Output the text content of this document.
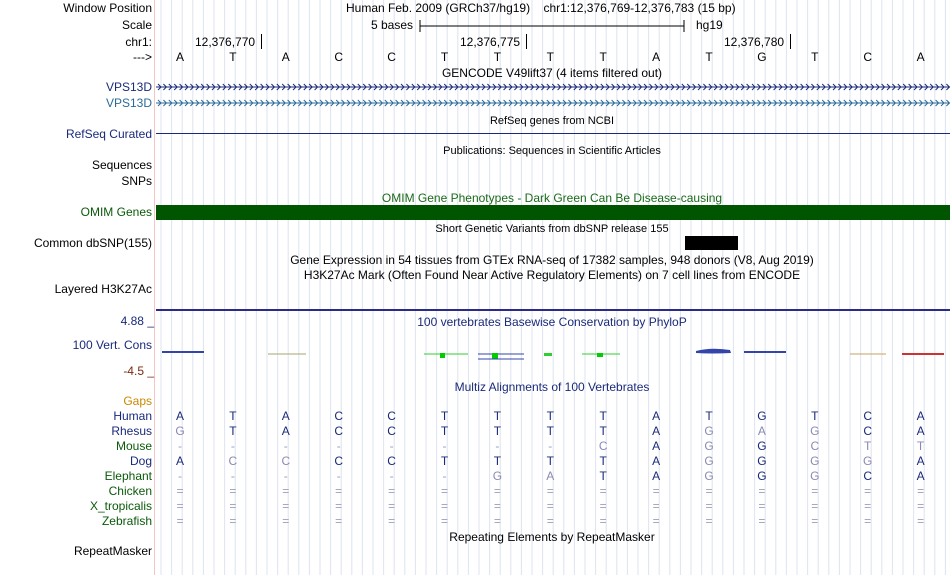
Window Position	Human Feb. 2009 (GRCh37/hg19)    chr1:12,376,769-12,376,783 (15 bp)
Scale	5 bases	hg19
chr1:	12,376,770	12,376,775	12,376,780
--->	A	T	A	C	C	T	T	T	T	A	T	G	T	C	A
GENCODE V49lift37 (4 items filtered out)
VPS13D
VPS13D
RefSeq genes from NCBI
RefSeq Curated
Publications: Sequences in Scientific Articles
Sequences
SNPs
OMIM Gene Phenotypes - Dark Green Can Be Disease-causing
OMIM Genes
Short Genetic Variants from dbSNP release 155
Common dbSNP(155)
Gene Expression in 54 tissues from GTEx RNA-seq of 17382 samples, 948 donors (V8, Aug 2019)
H3K27Ac Mark (Often Found Near Active Regulatory Elements) on 7 cell lines from ENCODE
Layered H3K27Ac
4.88 _	100 vertebrates Basewise Conservation by PhyloP
100 Vert. Cons
-4.5 _
Multiz Alignments of 100 Vertebrates
Gaps
Human	A	T	A	C	C	T	T	T	T	A	T	G	T	C	A
Rhesus	G	T	A	C	C	T	T	T	T	A	G	A	G	C	A
Mouse	-	-	-	-	-	-	-	-	C	A	G	G	C	T	T
Dog	A	C	C	C	C	T	T	T	T	A	G	G	G	G	A
Elephant	-	-	-	-	-	-	G	A	T	A	G	G	G	C	A
Chicken	=	=	=	=	=	=	=	=	=	=	=	=	=	=	=
X_tropicalis	=	=	=	=	=	=	=	=	=	=	=	=	=	=	=
Zebrafish	=	=	=	=	=	=	=	=	=	=	=	=	=	=	=
Repeating Elements by RepeatMasker
RepeatMasker
